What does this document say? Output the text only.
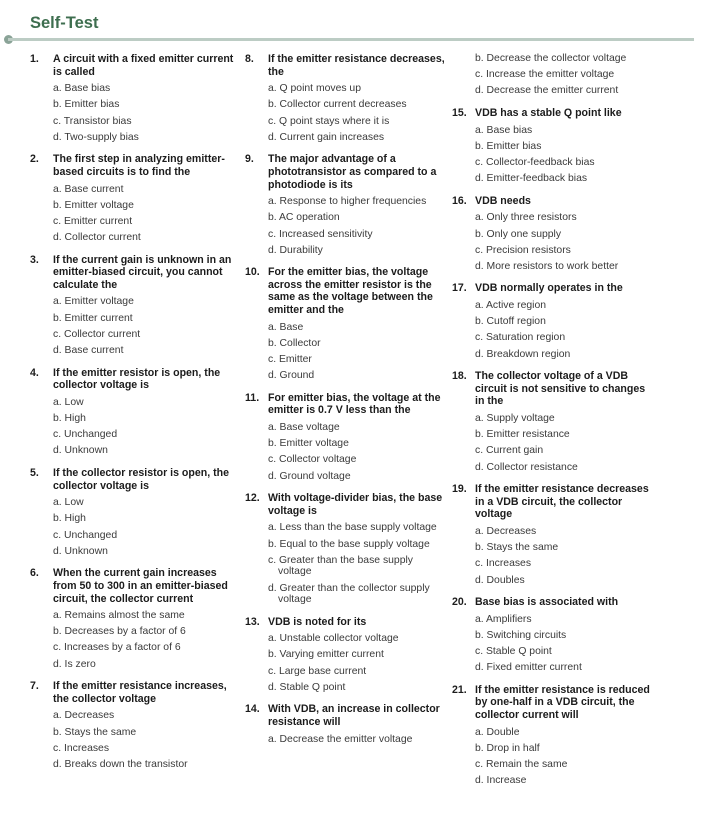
Self-Test
1. A circuit with a fixed emitter current is called
a. Base bias
b. Emitter bias
c. Transistor bias
d. Two-supply bias
2. The first step in analyzing emitter-based circuits is to find the
a. Base current
b. Emitter voltage
c. Emitter current
d. Collector current
3. If the current gain is unknown in an emitter-biased circuit, you cannot calculate the
a. Emitter voltage
b. Emitter current
c. Collector current
d. Base current
4. If the emitter resistor is open, the collector voltage is
a. Low
b. High
c. Unchanged
d. Unknown
5. If the collector resistor is open, the collector voltage is
a. Low
b. High
c. Unchanged
d. Unknown
6. When the current gain increases from 50 to 300 in an emitter-biased circuit, the collector current
a. Remains almost the same
b. Decreases by a factor of 6
c. Increases by a factor of 6
d. Is zero
7. If the emitter resistance increases, the collector voltage
a. Decreases
b. Stays the same
c. Increases
d. Breaks down the transistor
8. If the emitter resistance decreases, the
a. Q point moves up
b. Collector current decreases
c. Q point stays where it is
d. Current gain increases
9. The major advantage of a phototransistor as compared to a photodiode is its
a. Response to higher frequencies
b. AC operation
c. Increased sensitivity
d. Durability
10. For the emitter bias, the voltage across the emitter resistor is the same as the voltage between the emitter and the
a. Base
b. Collector
c. Emitter
d. Ground
11. For emitter bias, the voltage at the emitter is 0.7 V less than the
a. Base voltage
b. Emitter voltage
c. Collector voltage
d. Ground voltage
12. With voltage-divider bias, the base voltage is
a. Less than the base supply voltage
b. Equal to the base supply voltage
c. Greater than the base supply voltage
d. Greater than the collector supply voltage
13. VDB is noted for its
a. Unstable collector voltage
b. Varying emitter current
c. Large base current
d. Stable Q point
14. With VDB, an increase in collector resistance will
a. Decrease the emitter voltage
b. Decrease the collector voltage
c. Increase the emitter voltage
d. Decrease the emitter current
15. VDB has a stable Q point like
a. Base bias
b. Emitter bias
c. Collector-feedback bias
d. Emitter-feedback bias
16. VDB needs
a. Only three resistors
b. Only one supply
c. Precision resistors
d. More resistors to work better
17. VDB normally operates in the
a. Active region
b. Cutoff region
c. Saturation region
d. Breakdown region
18. The collector voltage of a VDB circuit is not sensitive to changes in the
a. Supply voltage
b. Emitter resistance
c. Current gain
d. Collector resistance
19. If the emitter resistance decreases in a VDB circuit, the collector voltage
a. Decreases
b. Stays the same
c. Increases
d. Doubles
20. Base bias is associated with
a. Amplifiers
b. Switching circuits
c. Stable Q point
d. Fixed emitter current
21. If the emitter resistance is reduced by one-half in a VDB circuit, the collector current will
a. Double
b. Drop in half
c. Remain the same
d. Increase
